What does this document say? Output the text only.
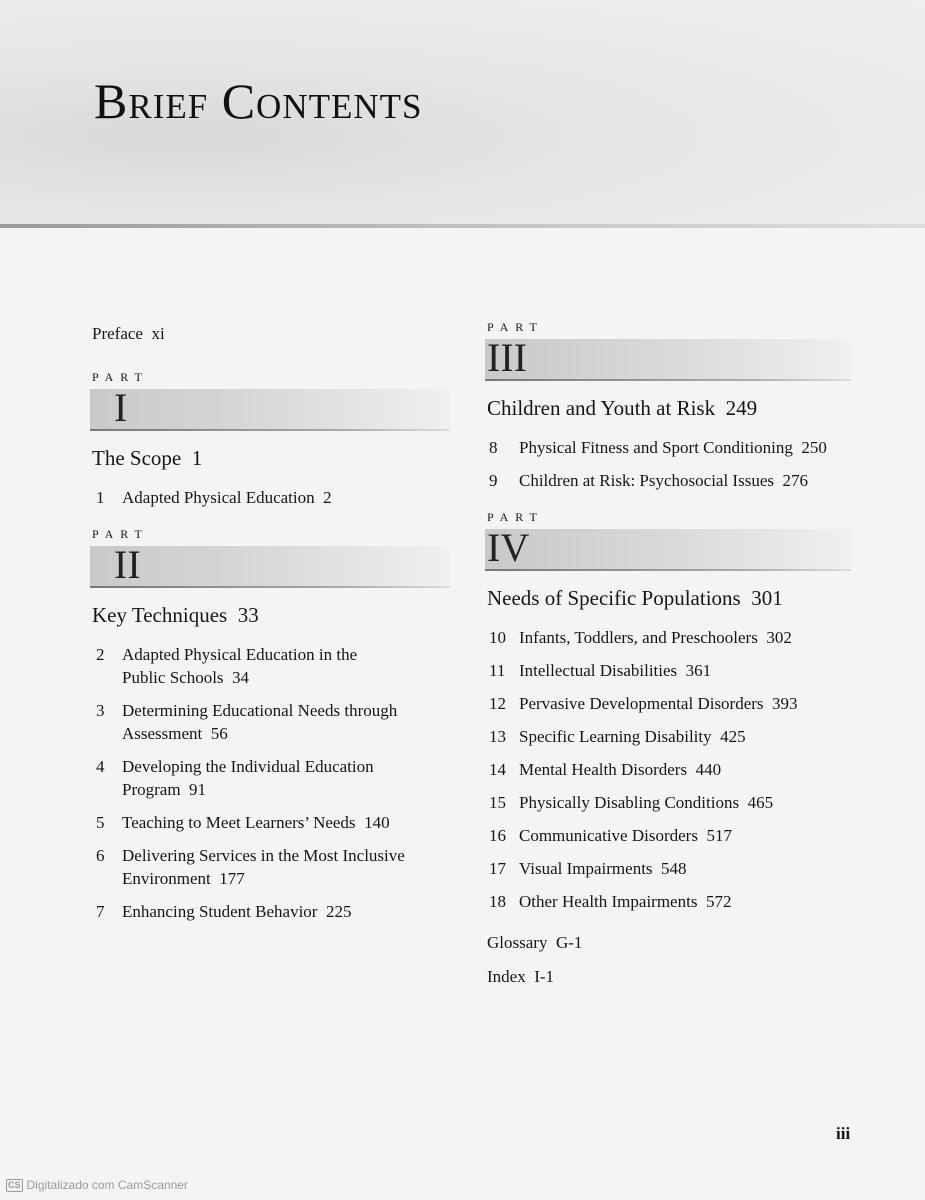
Brief Contents
Preface xi
PART
I
The Scope 1
1	Adapted Physical Education 2
PART
II
Key Techniques 33
2	Adapted Physical Education in the
Public Schools 34
3	Determining Educational Needs through
Assessment 56
4	Developing the Individual Education
Program 91
5	Teaching to Meet Learners’ Needs 140
6	Delivering Services in the Most Inclusive
Environment 177
7	Enhancing Student Behavior 225
PART
III
Children and Youth at Risk 249
8	Physical Fitness and Sport Conditioning 250
9	Children at Risk: Psychosocial Issues 276
PART
IV
Needs of Specific Populations 301
10 Infants, Toddlers, and Preschoolers 302
11 Intellectual Disabilities 361
12 Pervasive Developmental Disorders 393
13 Specific Learning Disability 425
14 Mental Health Disorders 440
15 Physically Disabling Conditions 465
16 Communicative Disorders 517
17 Visual Impairments 548
18 Other Health Impairments 572
Glossary G-1
Index I-1
iii
CS Digitalizado com CamScanner
